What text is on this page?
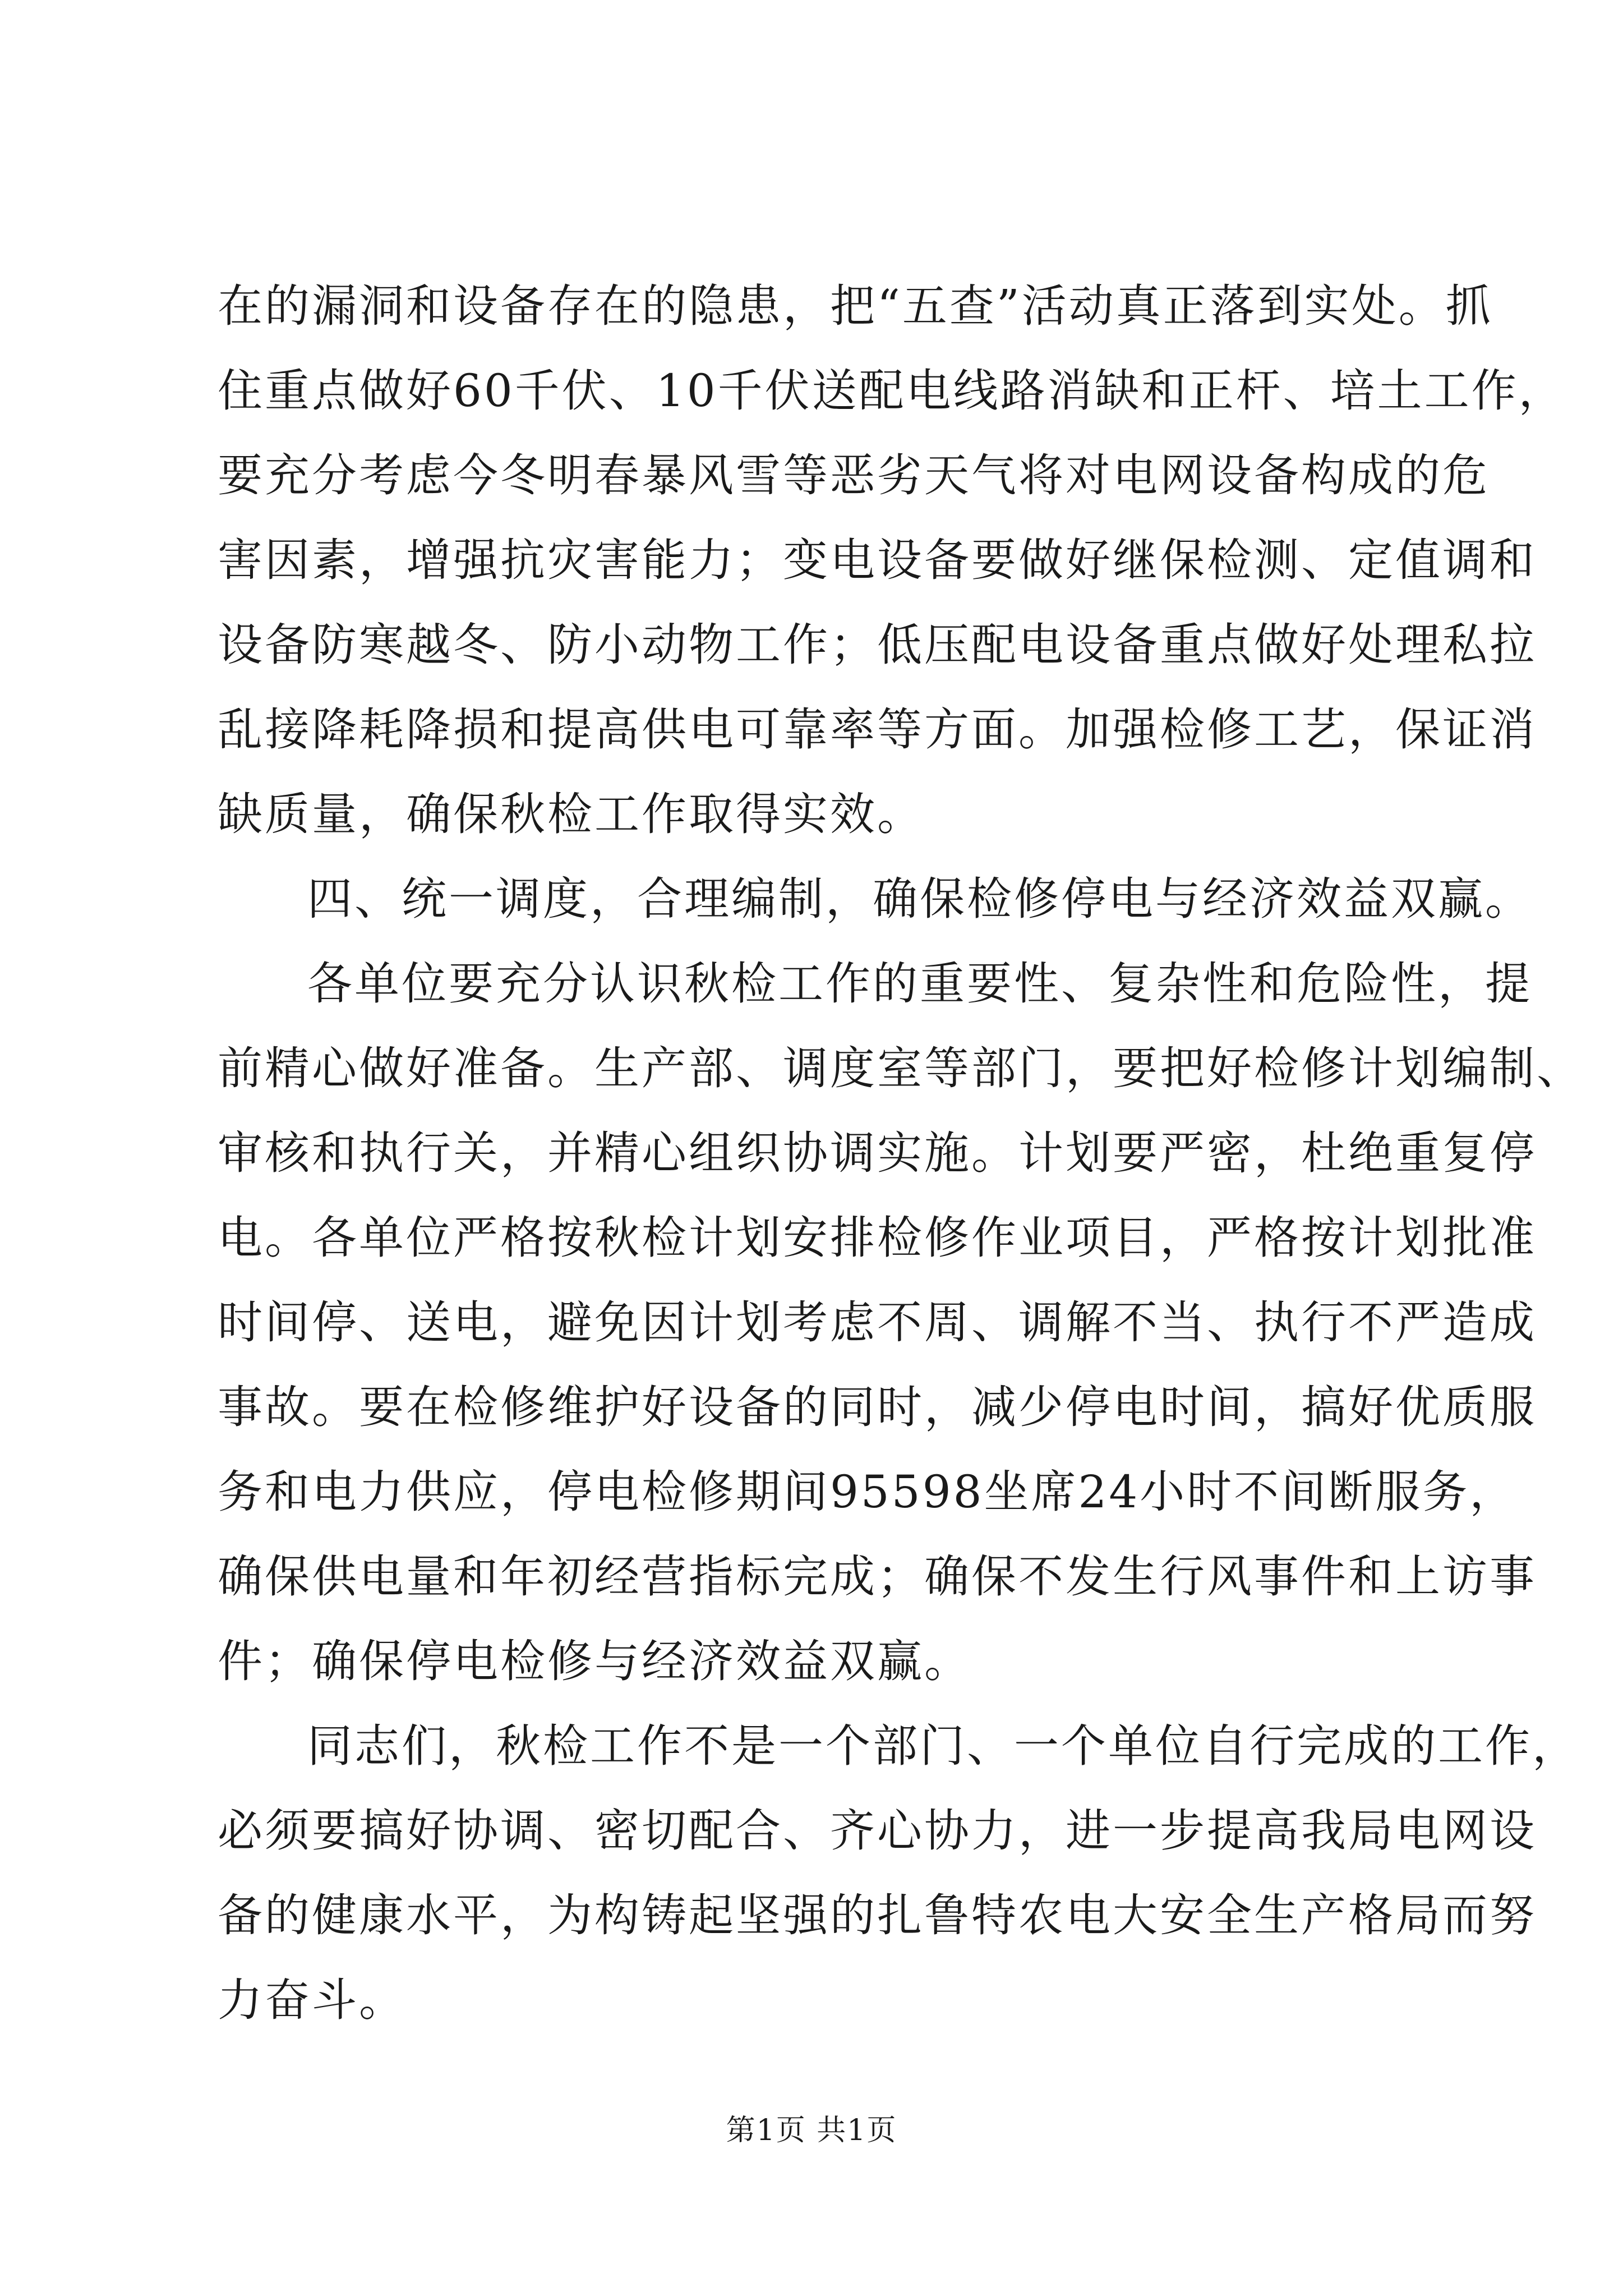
在的漏洞和设备存在的隐患，把“五查”活动真正落到实处。抓
住重点做好60千伏、10千伏送配电线路消缺和正杆、培土工作，
要充分考虑今冬明春暴风雪等恶劣天气将对电网设备构成的危
害因素，增强抗灾害能力；变电设备要做好继保检测、定值调和
设备防寒越冬、防小动物工作；低压配电设备重点做好处理私拉
乱接降耗降损和提高供电可靠率等方面。加强检修工艺，保证消
缺质量，确保秋检工作取得实效。
四、统一调度，合理编制，确保检修停电与经济效益双赢。
各单位要充分认识秋检工作的重要性、复杂性和危险性，提
前精心做好准备。生产部、调度室等部门，要把好检修计划编制、
审核和执行关，并精心组织协调实施。计划要严密，杜绝重复停
电。各单位严格按秋检计划安排检修作业项目，严格按计划批准
时间停、送电，避免因计划考虑不周、调解不当、执行不严造成
事故。要在检修维护好设备的同时，减少停电时间，搞好优质服
务和电力供应，停电检修期间95598坐席24小时不间断服务，
确保供电量和年初经营指标完成；确保不发生行风事件和上访事
件；确保停电检修与经济效益双赢。
同志们，秋检工作不是一个部门、一个单位自行完成的工作，
必须要搞好协调、密切配合、齐心协力，进一步提高我局电网设
备的健康水平，为构铸起坚强的扎鲁特农电大安全生产格局而努
力奋斗。
第1页 共1页
